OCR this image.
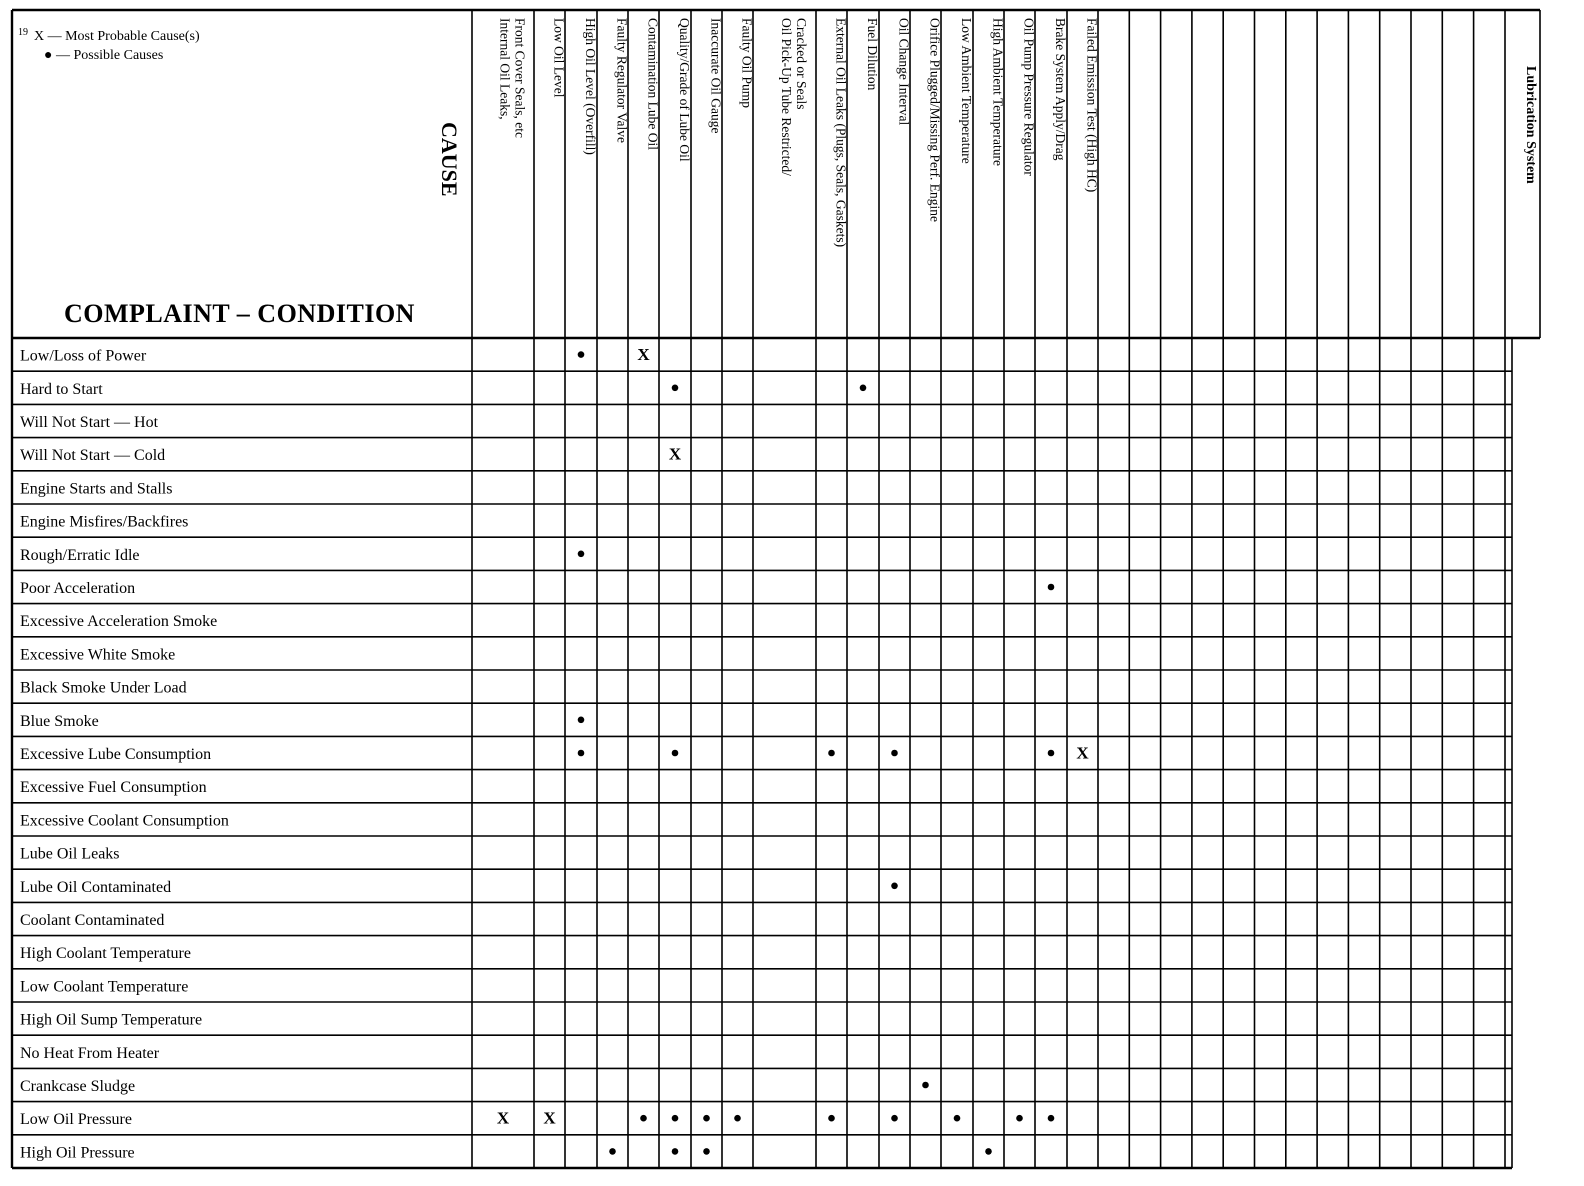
19 X — Most Probable Cause(s)
● — Possible Causes
CAUSE
COMPLAINT – CONDITION
Lubrication System
Internal Oil Leaks, Front Cover Seals, etc Low Oil Level High Oil Level (Overfill) Faulty Regulator Valve Contamination Lube Oil Quality/Grade of Lube Oil Inaccurate Oil Gauge Faulty Oil Pump Oil Pick-Up Tube Restricted/ Cracked or Seals External Oil Leaks (Plugs, Seals, Gaskets) Fuel Dilution Oil Change Interval Orifice Plugged/Missing Perf. Engine Low Ambient Temperature High Ambient Temperature Oil Pump Pressure Regulator Brake System Apply/Drag Failed Emission Test (High HC)
Low/Loss of Power
Hard to Start
Will Not Start — Hot
Will Not Start — Cold
Engine Starts and Stalls
Engine Misfires/Backfires
Rough/Erratic Idle
Poor Acceleration
Excessive Acceleration Smoke
Excessive White Smoke
Black Smoke Under Load
Blue Smoke
Excessive Lube Consumption
Excessive Fuel Consumption
Excessive Coolant Consumption
Lube Oil Leaks
Lube Oil Contaminated
Coolant Contaminated
High Coolant Temperature
Low Coolant Temperature
High Oil Sump Temperature
No Heat From Heater
Crankcase Sludge
Low Oil Pressure
High Oil Pressure
X
X
X
X X
